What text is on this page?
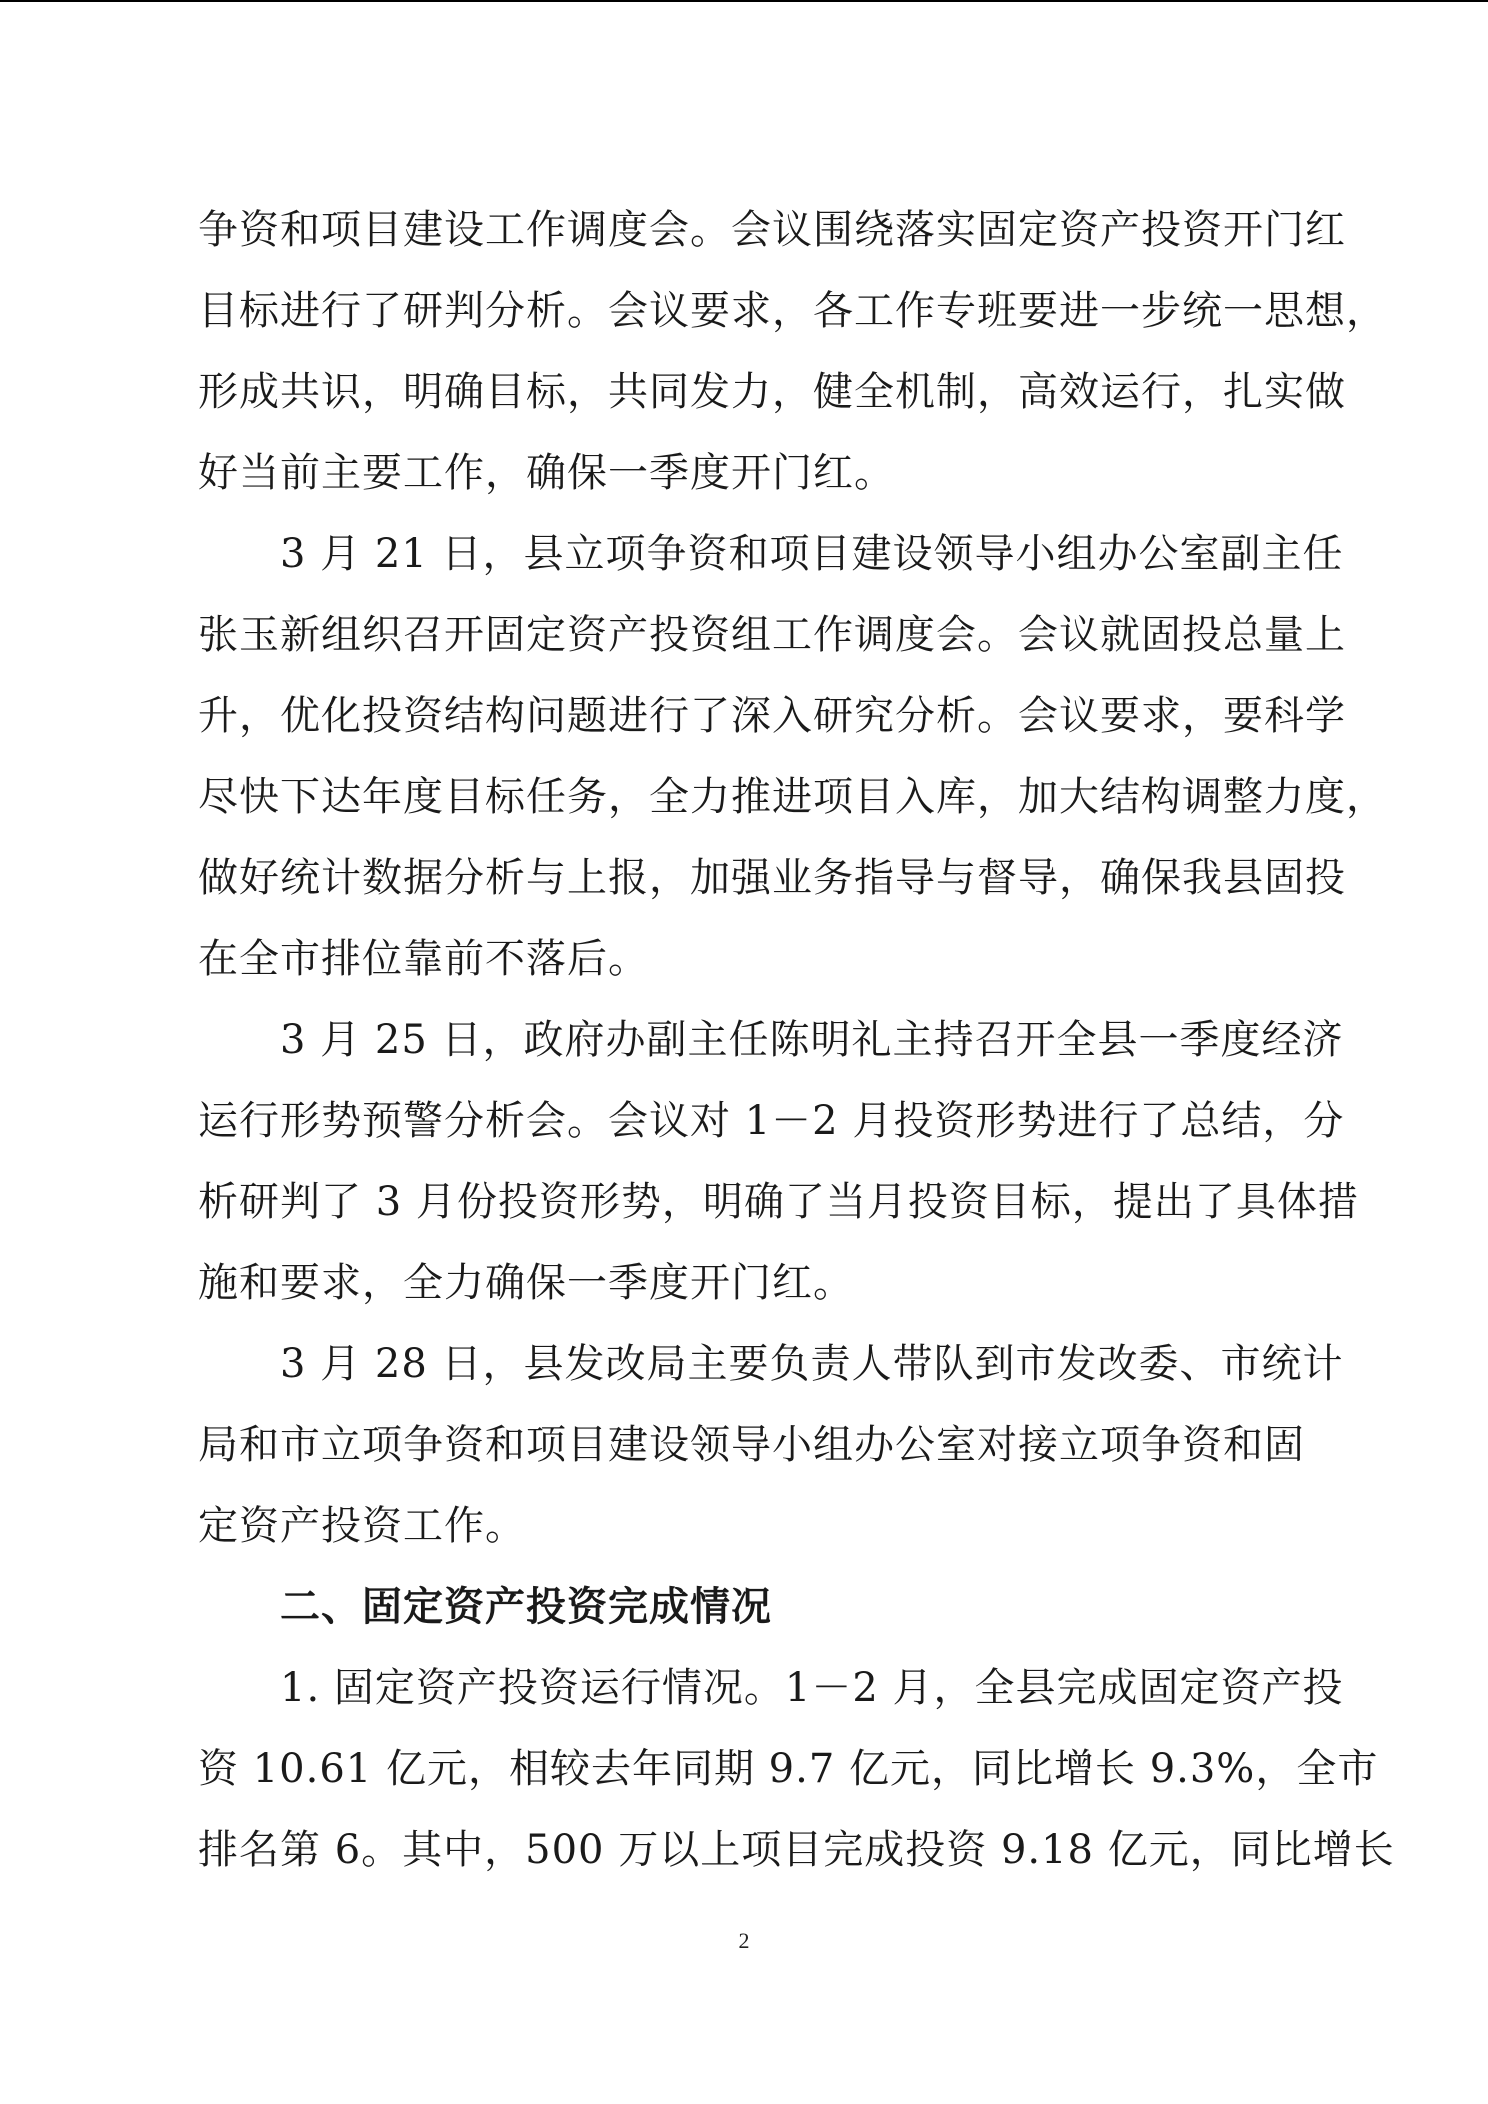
争资和项目建设工作调度会。会议围绕落实固定资产投资开门红
目标进行了研判分析。会议要求，各工作专班要进一步统一思想，
形成共识，明确目标，共同发力，健全机制，高效运行，扎实做
好当前主要工作，确保一季度开门红。

3 月 21 日，县立项争资和项目建设领导小组办公室副主任
张玉新组织召开固定资产投资组工作调度会。会议就固投总量上
升，优化投资结构问题进行了深入研究分析。会议要求，要科学
尽快下达年度目标任务，全力推进项目入库，加大结构调整力度，
做好统计数据分析与上报，加强业务指导与督导，确保我县固投
在全市排位靠前不落后。

3 月 25 日，政府办副主任陈明礼主持召开全县一季度经济
运行形势预警分析会。会议对 1－2 月投资形势进行了总结，分
析研判了 3 月份投资形势，明确了当月投资目标，提出了具体措
施和要求，全力确保一季度开门红。

3 月 28 日，县发改局主要负责人带队到市发改委、市统计
局和市立项争资和项目建设领导小组办公室对接立项争资和固
定资产投资工作。

二、固定资产投资完成情况

1. 固定资产投资运行情况。1－2 月，全县完成固定资产投
资 10.61 亿元，相较去年同期 9.7 亿元，同比增长 9.3%，全市
排名第 6。其中，500 万以上项目完成投资 9.18 亿元，同比增长

2
